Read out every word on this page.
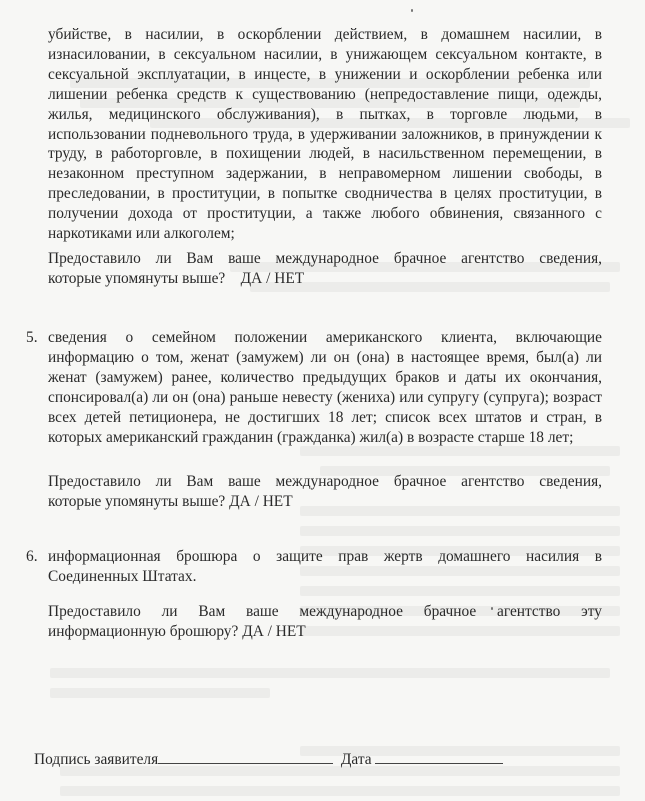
убийстве, в насилии, в оскорблении действием, в домашнем насилии, в изнасиловании, в сексуальном насилии, в унижающем сексуальном контакте, в сексуальной эксплуатации, в инцесте, в унижении и оскорблении ребенка или лишении ребенка средств к существованию (непредоставление пищи, одежды, жилья, медицинского обслуживания), в пытках, в торговле людьми, в использовании подневольного труда, в удерживании заложников, в принуждении к труду, в работорговле, в похищении людей, в насильственном перемещении, в незаконном преступном задержании, в неправомерном лишении свободы, в преследовании, в проституции, в попытке сводничества в целях проституции, в получении дохода от проституции, а также любого обвинения, связанного с наркотиками или алкоголем;

Предоставило ли Вам ваше международное брачное агентство сведения,
которые упомянуты выше? ДА / НЕТ
5. сведения о семейном положении американского клиента, включающие информацию о том, женат (замужем) ли он (она) в настоящее время, был(а) ли женат (замужем) ранее, количество предыдущих браков и даты их окончания, спонсировал(а) ли он (она) раньше невесту (жениха) или супругу (супруга); возраст всех детей петиционера, не достигших 18 лет; список всех штатов и стран, в которых американский гражданин (гражданка) жил(а) в возрасте старше 18 лет;

Предоставило ли Вам ваше международное брачное агентство сведения,
которые упомянуты выше? ДА / НЕТ
6. информационная брошюра о защите прав жертв домашнего насилия в Соединенных Штатах.

Предоставило ли Вам ваше международное брачное агентство эту
информационную брошюру? ДА / НЕТ
Подпись заявителя	Дата
